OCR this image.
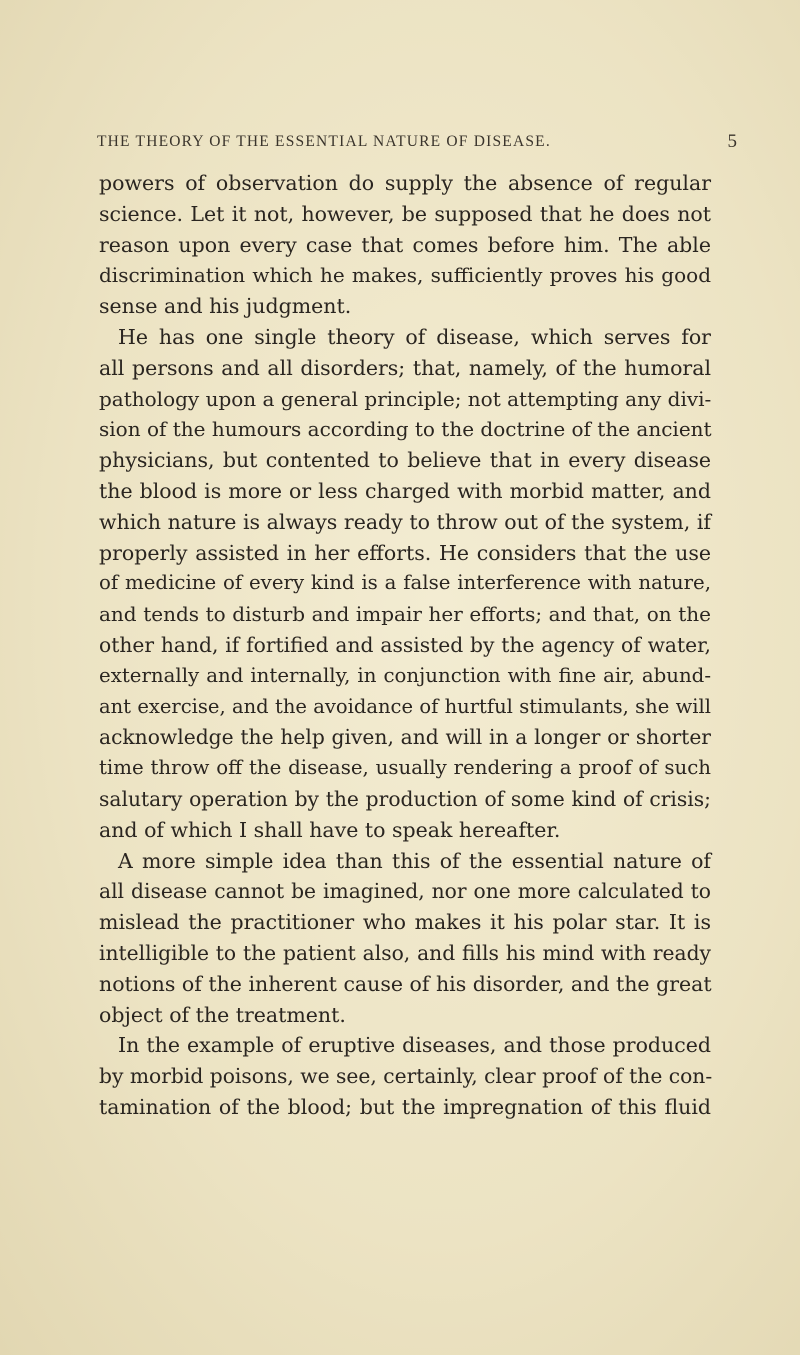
THE THEORY OF THE ESSENTIAL NATURE OF DISEASE.	5
powers of observation do supply the absence of regular
science. Let it not, however, be supposed that he does not
reason upon every case that comes before him. The able
discrimination which he makes, sufficiently proves his good
sense and his judgment.
He has one single theory of disease, which serves for
all persons and all disorders; that, namely, of the humoral
pathology upon a general principle; not attempting any divi-
sion of the humours according to the doctrine of the ancient
physicians, but contented to believe that in every disease
the blood is more or less charged with morbid matter, and
which nature is always ready to throw out of the system, if
properly assisted in her efforts. He considers that the use
of medicine of every kind is a false interference with nature,
and tends to disturb and impair her efforts; and that, on the
other hand, if fortified and assisted by the agency of water,
externally and internally, in conjunction with fine air, abund-
ant exercise, and the avoidance of hurtful stimulants, she will
acknowledge the help given, and will in a longer or shorter
time throw off the disease, usually rendering a proof of such
salutary operation by the production of some kind of crisis;
and of which I shall have to speak hereafter.
A more simple idea than this of the essential nature of
all disease cannot be imagined, nor one more calculated to
mislead the practitioner who makes it his polar star. It is
intelligible to the patient also, and fills his mind with ready
notions of the inherent cause of his disorder, and the great
object of the treatment.
In the example of eruptive diseases, and those produced
by morbid poisons, we see, certainly, clear proof of the con-
tamination of the blood; but the impregnation of this fluid
